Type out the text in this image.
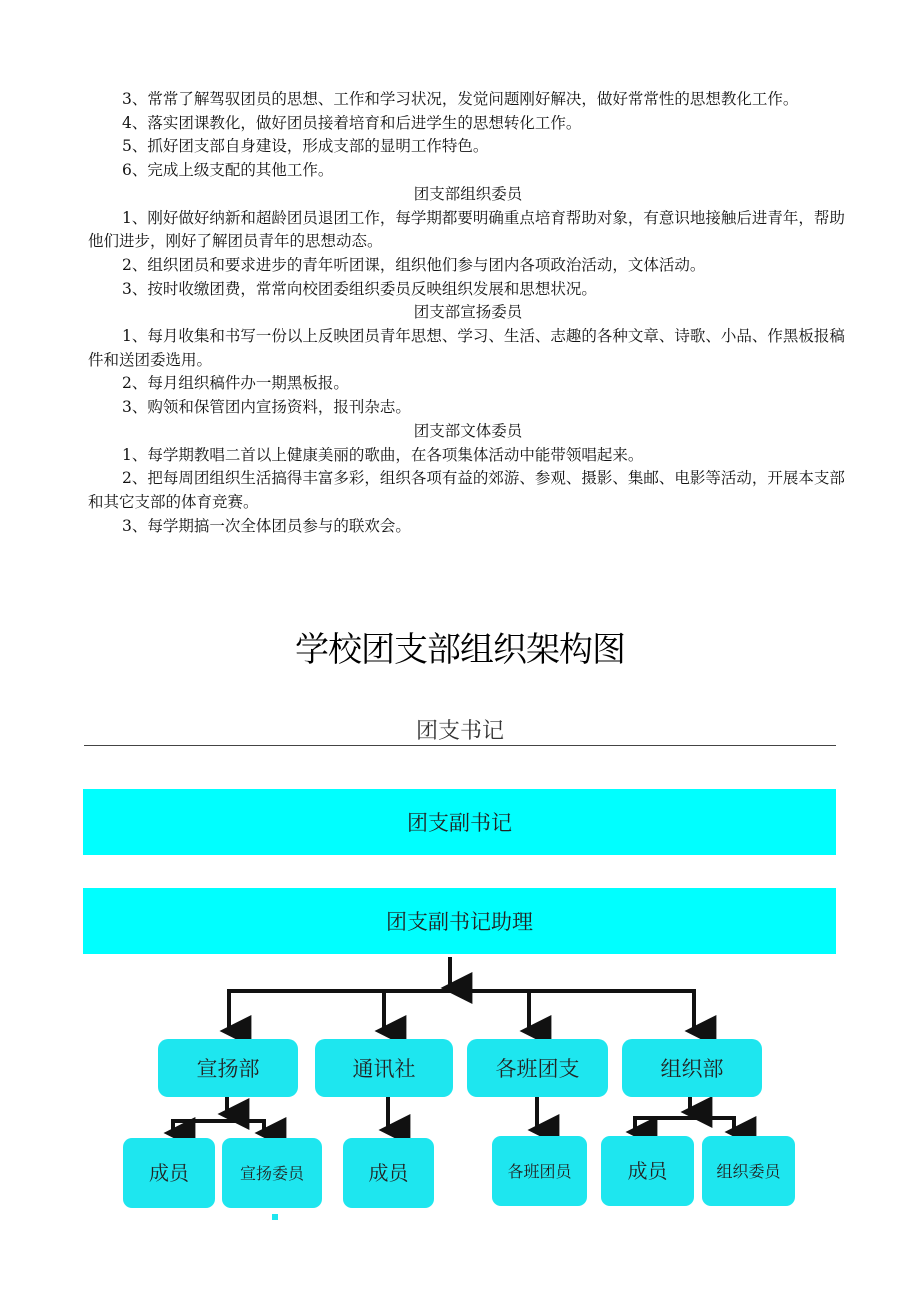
3、常常了解驾驭团员的思想、工作和学习状况，发觉问题刚好解决，做好常常性的思想教化工作。

4、落实团课教化，做好团员接着培育和后进学生的思想转化工作。

5、抓好团支部自身建设，形成支部的显明工作特色。

6、完成上级支配的其他工作。

团支部组织委员

1、刚好做好纳新和超龄团员退团工作，每学期都要明确重点培育帮助对象，有意识地接触后进青年，帮助他们进步，刚好了解团员青年的思想动态。

2、组织团员和要求进步的青年听团课，组织他们参与团内各项政治活动，文体活动。

3、按时收缴团费，常常向校团委组织委员反映组织发展和思想状况。

团支部宣扬委员

1、每月收集和书写一份以上反映团员青年思想、学习、生活、志趣的各种文章、诗歌、小品、作黑板报稿件和送团委选用。

2、每月组织稿件办一期黑板报。

3、购领和保管团内宣扬资料，报刊杂志。

团支部文体委员

1、每学期教唱二首以上健康美丽的歌曲，在各项集体活动中能带领唱起来。

2、把每周团组织生活搞得丰富多彩，组织各项有益的郊游、参观、摄影、集邮、电影等活动，开展本支部和其它支部的体育竞赛。

3、每学期搞一次全体团员参与的联欢会。

学校团支部组织架构图
团支书记
团支副书记
团支副书记助理
宣扬部	通讯社	各班团支	组织部
成员	宣扬委员	成员	各班团员	成员	组织委员
